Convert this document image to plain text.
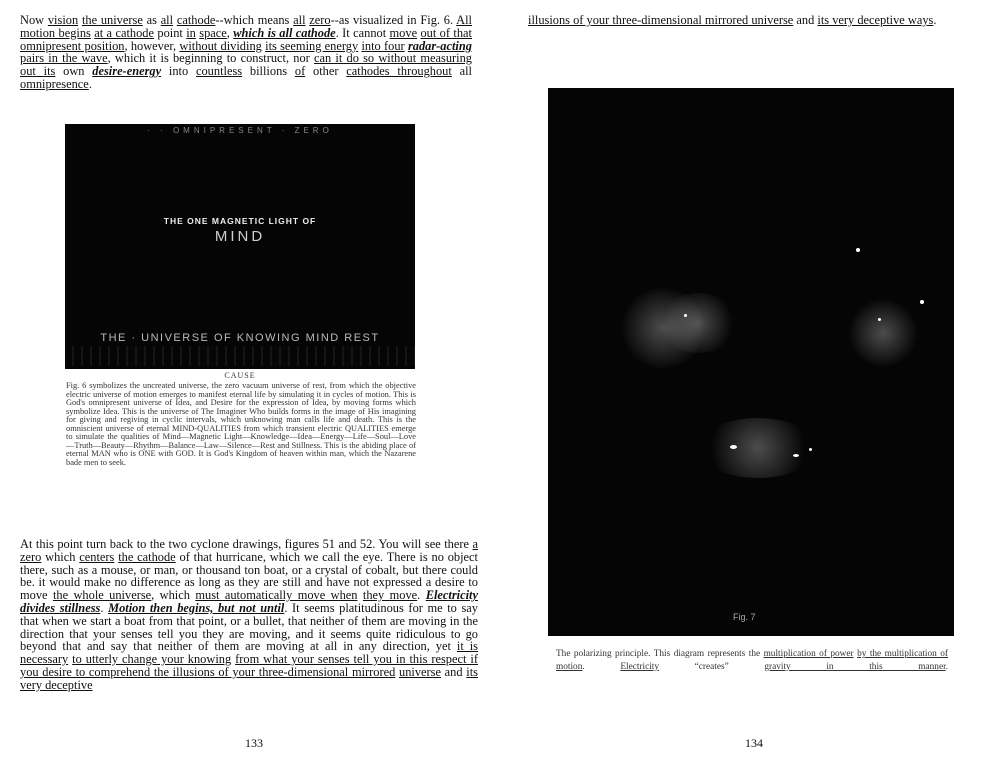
Now vision the universe as all cathode--which means all zero--as visualized in Fig. 6. All motion begins at a cathode point in space, which is all cathode. It cannot move out of that omnipresent position, however, without dividing its seeming energy into four radar-acting pairs in the wave, which it is beginning to construct, nor can it do so without measuring out its own desire-energy into countless billions of other cathodes throughout all omnipresence.

· · OMNIPRESENT · ZERO
THE ONE MAGNETIC LIGHT OF
MIND
THE · UNIVERSE OF KNOWING MIND REST
CAUSE

Fig. 6 symbolizes the uncreated universe, the zero vacuum universe of rest, from which the objective electric universe of motion emerges to manifest eternal life by simulating it in cycles of motion. This is God's omnipresent universe of Idea, and Desire for the expression of Idea, by moving forms which symbolize Idea. This is the universe of The Imaginer Who builds forms in the image of His imagining for giving and regiving in cyclic intervals, which unknowing man calls life and death. This is the omniscient universe of eternal MIND-QUALITIES from which transient electric QUALITIES emerge to simulate the qualities of Mind—Magnetic Light—Knowledge—Idea—Energy—Life—Soul—Love—Truth—Beauty—Rhythm—Balance—Law—Silence—Rest and Stillness. This is the abiding place of eternal MAN who is ONE with GOD. It is God's Kingdom of heaven within man, which the Nazarene bade men to seek.

At this point turn back to the two cyclone drawings, figures 51 and 52. You will see there a zero which centers the cathode of that hurricane, which we call the eye. There is no object there, such as a mouse, or man, or thousand ton boat, or a crystal of cobalt, but there could be. it would make no difference as long as they are still and have not expressed a desire to move the whole universe, which must automatically move when they move. Electricity divides stillness. Motion then begins, but not until. It seems platitudinous for me to say that when we start a boat from that point, or a bullet, that neither of them are moving in the direction that your senses tell you they are moving, and it seems quite ridiculous to go beyond that and say that neither of them are moving at all in any direction, yet it is necessary to utterly change your knowing from what your senses tell you in this respect if you desire to comprehend the illusions of your three-dimensional mirrored universe and its very deceptive

133

illusions of your three-dimensional mirrored universe and its very deceptive ways.

Fig. 7

The polarizing principle. This diagram represents the multiplication of power by the multiplication of motion. Electricity “creates” gravity in this manner.

134
